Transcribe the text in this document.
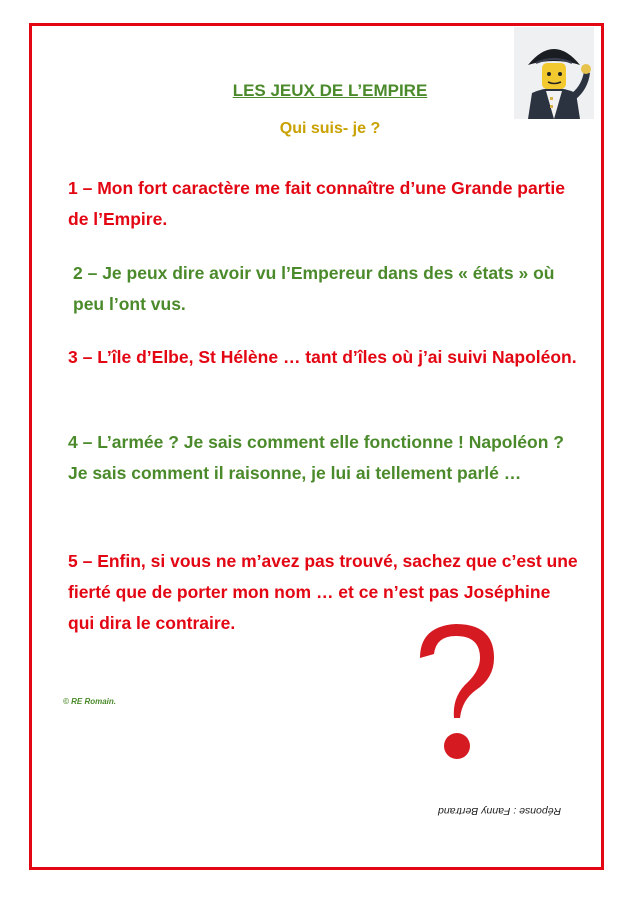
LES JEUX DE L’EMPIRE
Qui suis- je ?
1 – Mon fort caractère me fait connaître d’une Grande partie de l’Empire.
2 – Je peux dire avoir vu l’Empereur dans des « états » où peu l’ont vus.
3 – L’île d’Elbe, St Hélène … tant d’îles où j’ai suivi Napoléon.
4 – L’armée ? Je sais comment elle fonctionne ! Napoléon ? Je sais comment il raisonne, je lui ai tellement parlé …
5 – Enfin, si vous ne m’avez pas trouvé, sachez que c’est une fierté que de porter mon nom … et ce n’est pas Joséphine qui dira le contraire.
© RE Romain.
Réponse : Fanny Bertrand
